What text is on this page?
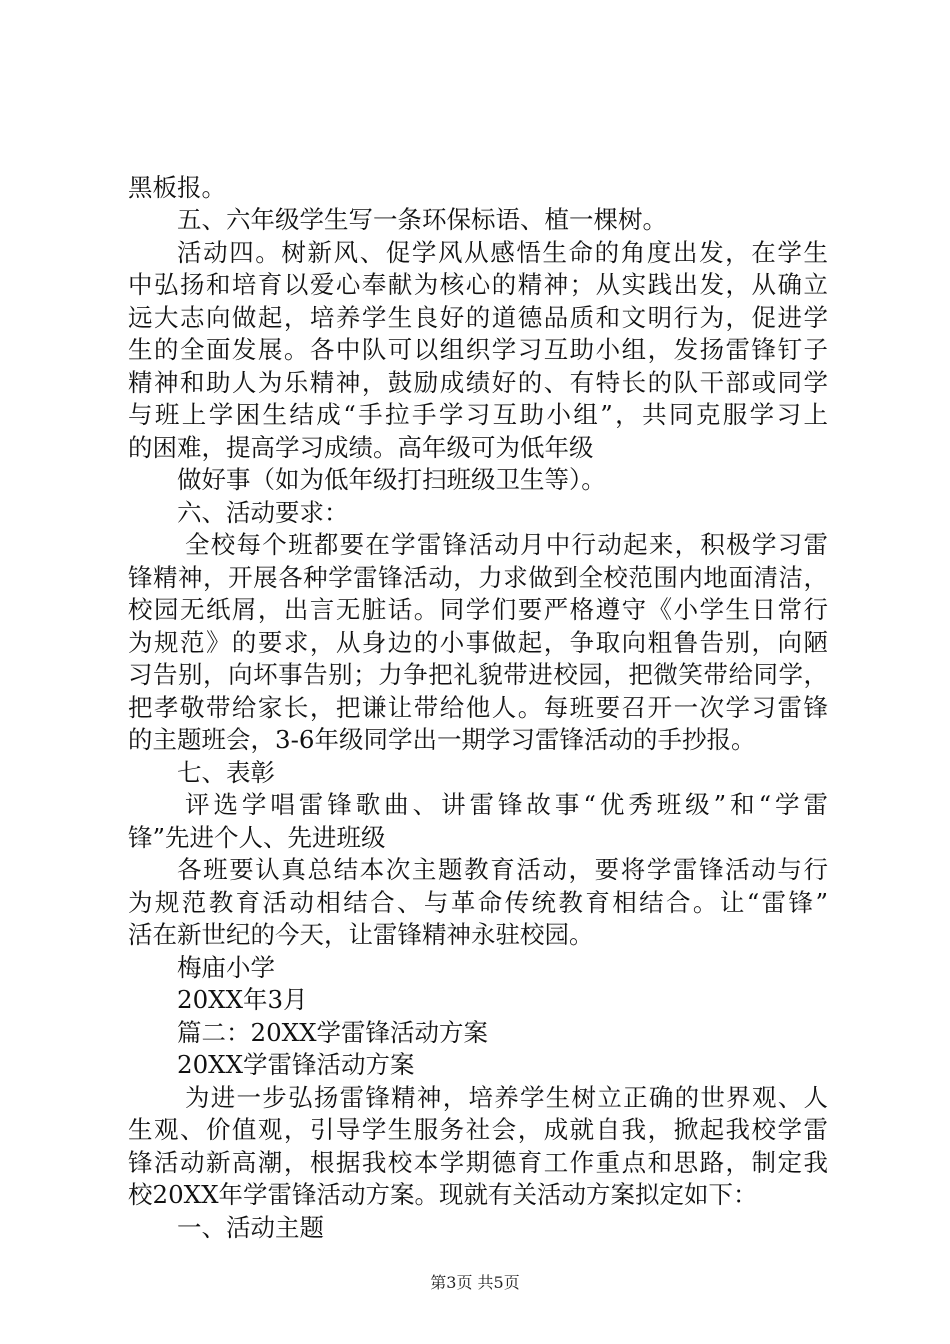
黑板报。
五、六年级学生写一条环保标语、植一棵树。
活动四。树新风、促学风从感悟生命的角度出发，在学生
中弘扬和培育以爱心奉献为核心的精神；从实践出发，从确立
远大志向做起，培养学生良好的道德品质和文明行为，促进学
生的全面发展。各中队可以组织学习互助小组，发扬雷锋钉子
精神和助人为乐精神，鼓励成绩好的、有特长的队干部或同学
与班上学困生结成“手拉手学习互助小组”，共同克服学习上
的困难，提高学习成绩。高年级可为低年级
做好事（如为低年级打扫班级卫生等）。
六、活动要求：
全校每个班都要在学雷锋活动月中行动起来，积极学习雷
锋精神，开展各种学雷锋活动，力求做到全校范围内地面清洁，
校园无纸屑，出言无脏话。同学们要严格遵守《小学生日常行
为规范》的要求，从身边的小事做起，争取向粗鲁告别，向陋
习告别，向坏事告别；力争把礼貌带进校园，把微笑带给同学，
把孝敬带给家长，把谦让带给他人。每班要召开一次学习雷锋
的主题班会，3-6年级同学出一期学习雷锋活动的手抄报。
七、表彰
评选学唱雷锋歌曲、讲雷锋故事“优秀班级”和“学雷
锋”先进个人、先进班级
各班要认真总结本次主题教育活动，要将学雷锋活动与行
为规范教育活动相结合、与革命传统教育相结合。让“雷锋”
活在新世纪的今天，让雷锋精神永驻校园。
梅庙小学
20XX年3月
篇二：20XX学雷锋活动方案
20XX学雷锋活动方案
为进一步弘扬雷锋精神，培养学生树立正确的世界观、人
生观、价值观，引导学生服务社会，成就自我，掀起我校学雷
锋活动新高潮，根据我校本学期德育工作重点和思路，制定我
校20XX年学雷锋活动方案。现就有关活动方案拟定如下：
一、活动主题
第3页 共5页
